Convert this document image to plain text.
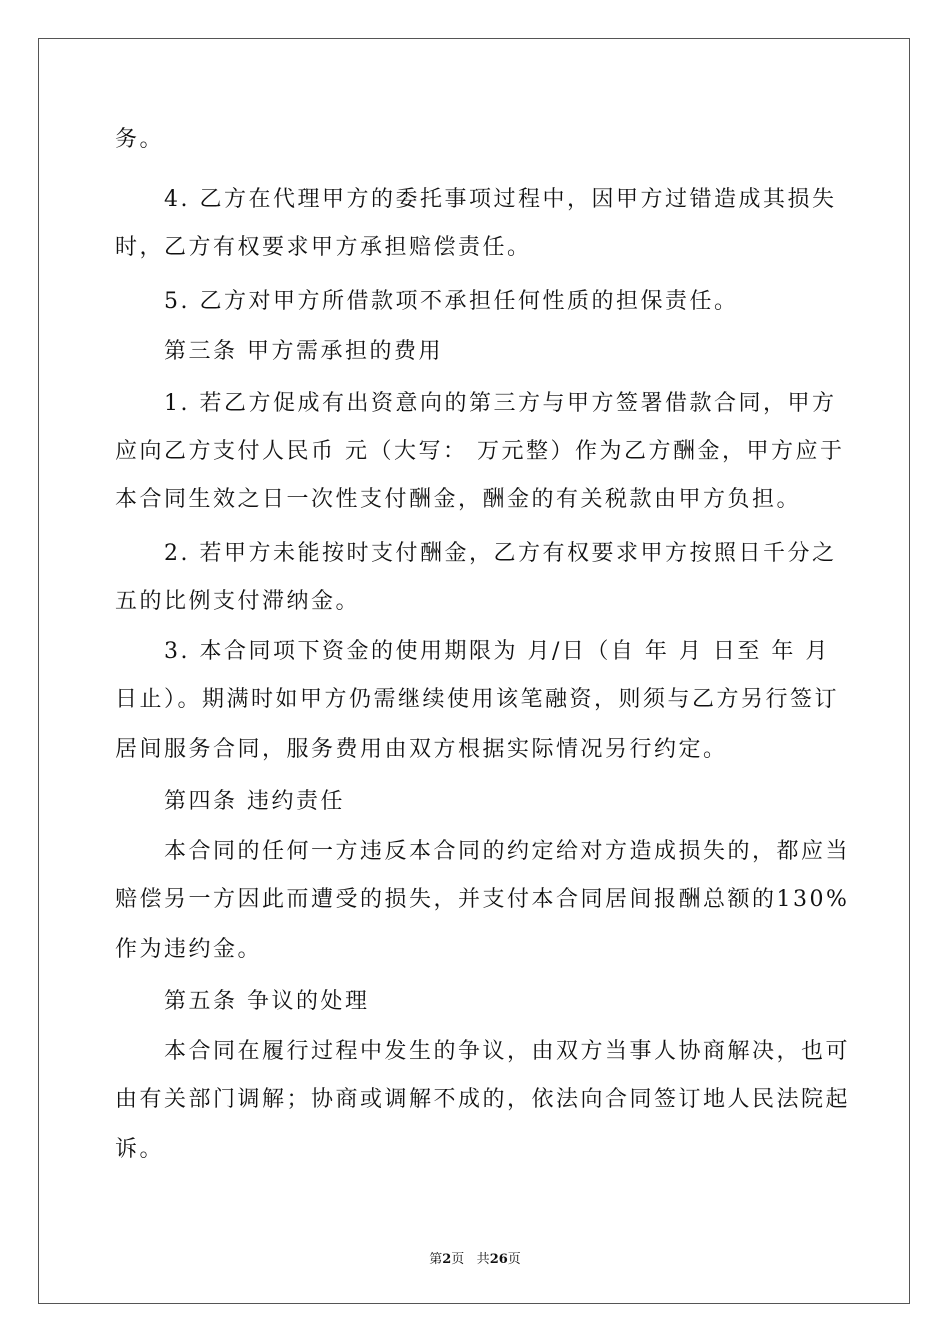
务。
4. 乙方在代理甲方的委托事项过程中，因甲方过错造成其损失
时，乙方有权要求甲方承担赔偿责任。
5. 乙方对甲方所借款项不承担任何性质的担保责任。
第三条 甲方需承担的费用
1. 若乙方促成有出资意向的第三方与甲方签署借款合同，甲方
应向乙方支付人民币 元（大写： 万元整）作为乙方酬金，甲方应于
本合同生效之日一次性支付酬金，酬金的有关税款由甲方负担。
2. 若甲方未能按时支付酬金，乙方有权要求甲方按照日千分之
五的比例支付滞纳金。
3. 本合同项下资金的使用期限为 月/日（自 年 月 日至 年 月
日止）。期满时如甲方仍需继续使用该笔融资，则须与乙方另行签订
居间服务合同，服务费用由双方根据实际情况另行约定。
第四条 违约责任
本合同的任何一方违反本合同的约定给对方造成损失的，都应当
赔偿另一方因此而遭受的损失，并支付本合同居间报酬总额的130%
作为违约金。
第五条 争议的处理
本合同在履行过程中发生的争议，由双方当事人协商解决，也可
由有关部门调解；协商或调解不成的，依法向合同签订地人民法院起
诉。
第2页 共26页
